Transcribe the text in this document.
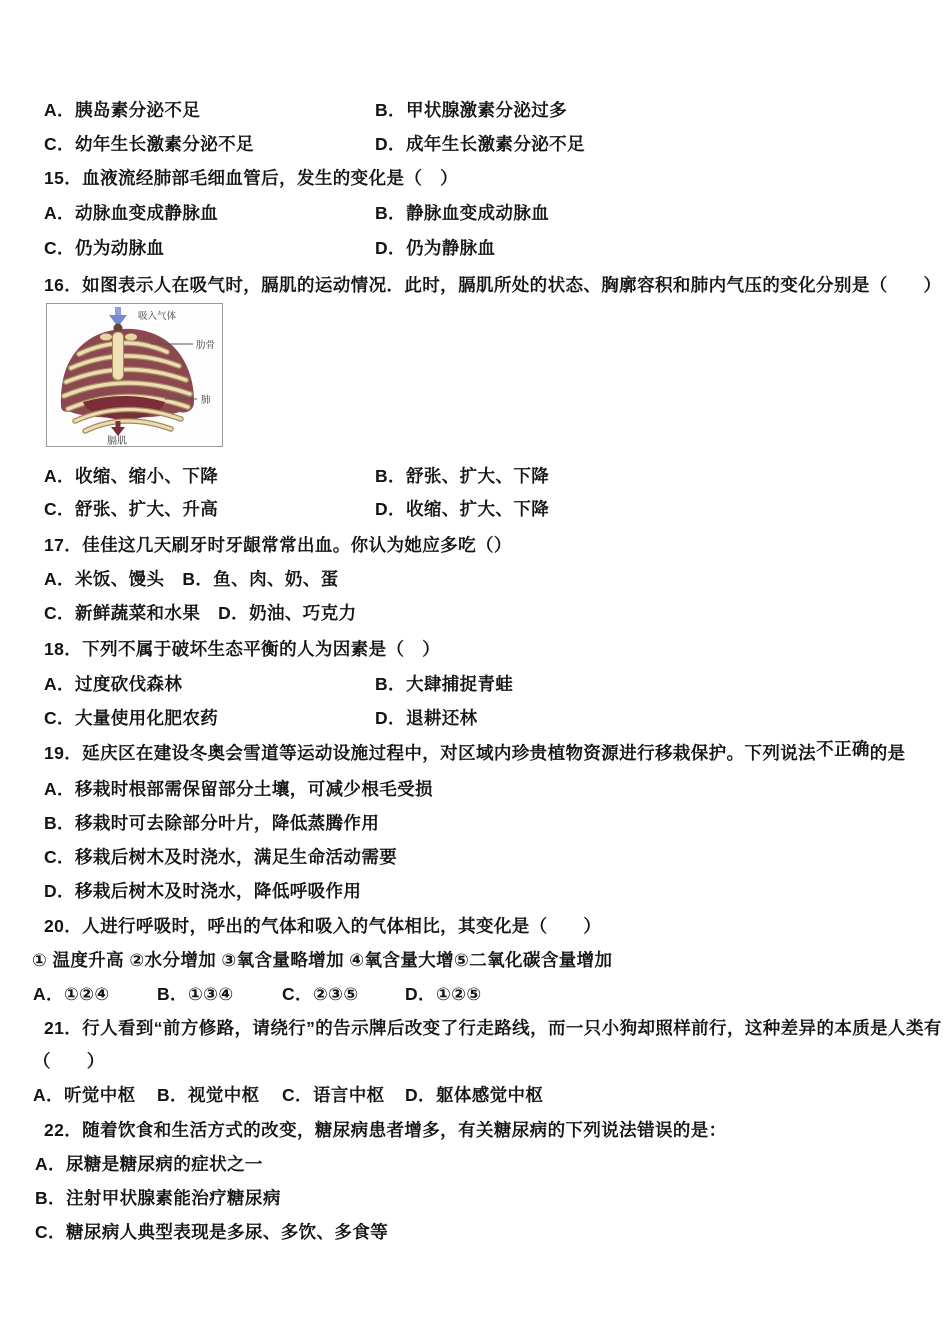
A．胰岛素分泌不足	B．甲状腺激素分泌过多
C．幼年生长激素分泌不足	D．成年生长激素分泌不足
15．血液流经肺部毛细血管后，发生的变化是（　）
A．动脉血变成静脉血	B．静脉血变成动脉血
C．仍为动脉血	D．仍为静脉血
16．如图表示人在吸气时，膈肌的运动情况．此时，膈肌所处的状态、胸廓容积和肺内气压的变化分别是（　　）
吸入气体
肋骨
肺
膈肌
A．收缩、缩小、下降	B．舒张、扩大、下降
C．舒张、扩大、升高	D．收缩、扩大、下降
17．佳佳这几天刷牙时牙龈常常出血。你认为她应多吃（）
A．米饭、馒头　B．鱼、肉、奶、蛋
C．新鲜蔬菜和水果　D．奶油、巧克力
18．下列不属于破坏生态平衡的人为因素是（　）
A．过度砍伐森林	B．大肆捕捉青蛙
C．大量使用化肥农药	D．退耕还林
19．延庆区在建设冬奥会雪道等运动设施过程中，对区域内珍贵植物资源进行移栽保护。下列说法不正确的是
A．移栽时根部需保留部分土壤，可减少根毛受损
B．移栽时可去除部分叶片，降低蒸腾作用
C．移栽后树木及时浇水，满足生命活动需要
D．移栽后树木及时浇水，降低呼吸作用
20．人进行呼吸时，呼出的气体和吸入的气体相比，其变化是（　　）
① 温度升高 ②水分增加 ③氧含量略增加 ④氧含量大增⑤二氧化碳含量增加
A．①②④	B．①③④	C．②③⑤	D．①②⑤
21．行人看到“前方修路，请绕行”的告示牌后改变了行走路线，而一只小狗却照样前行，这种差异的本质是人类有
（　　）
A．听觉中枢 B．视觉中枢 C．语言中枢 D．躯体感觉中枢
22．随着饮食和生活方式的改变，糖尿病患者增多，有关糖尿病的下列说法错误的是：
A．尿糖是糖尿病的症状之一
B．注射甲状腺素能治疗糖尿病
C．糖尿病人典型表现是多尿、多饮、多食等
